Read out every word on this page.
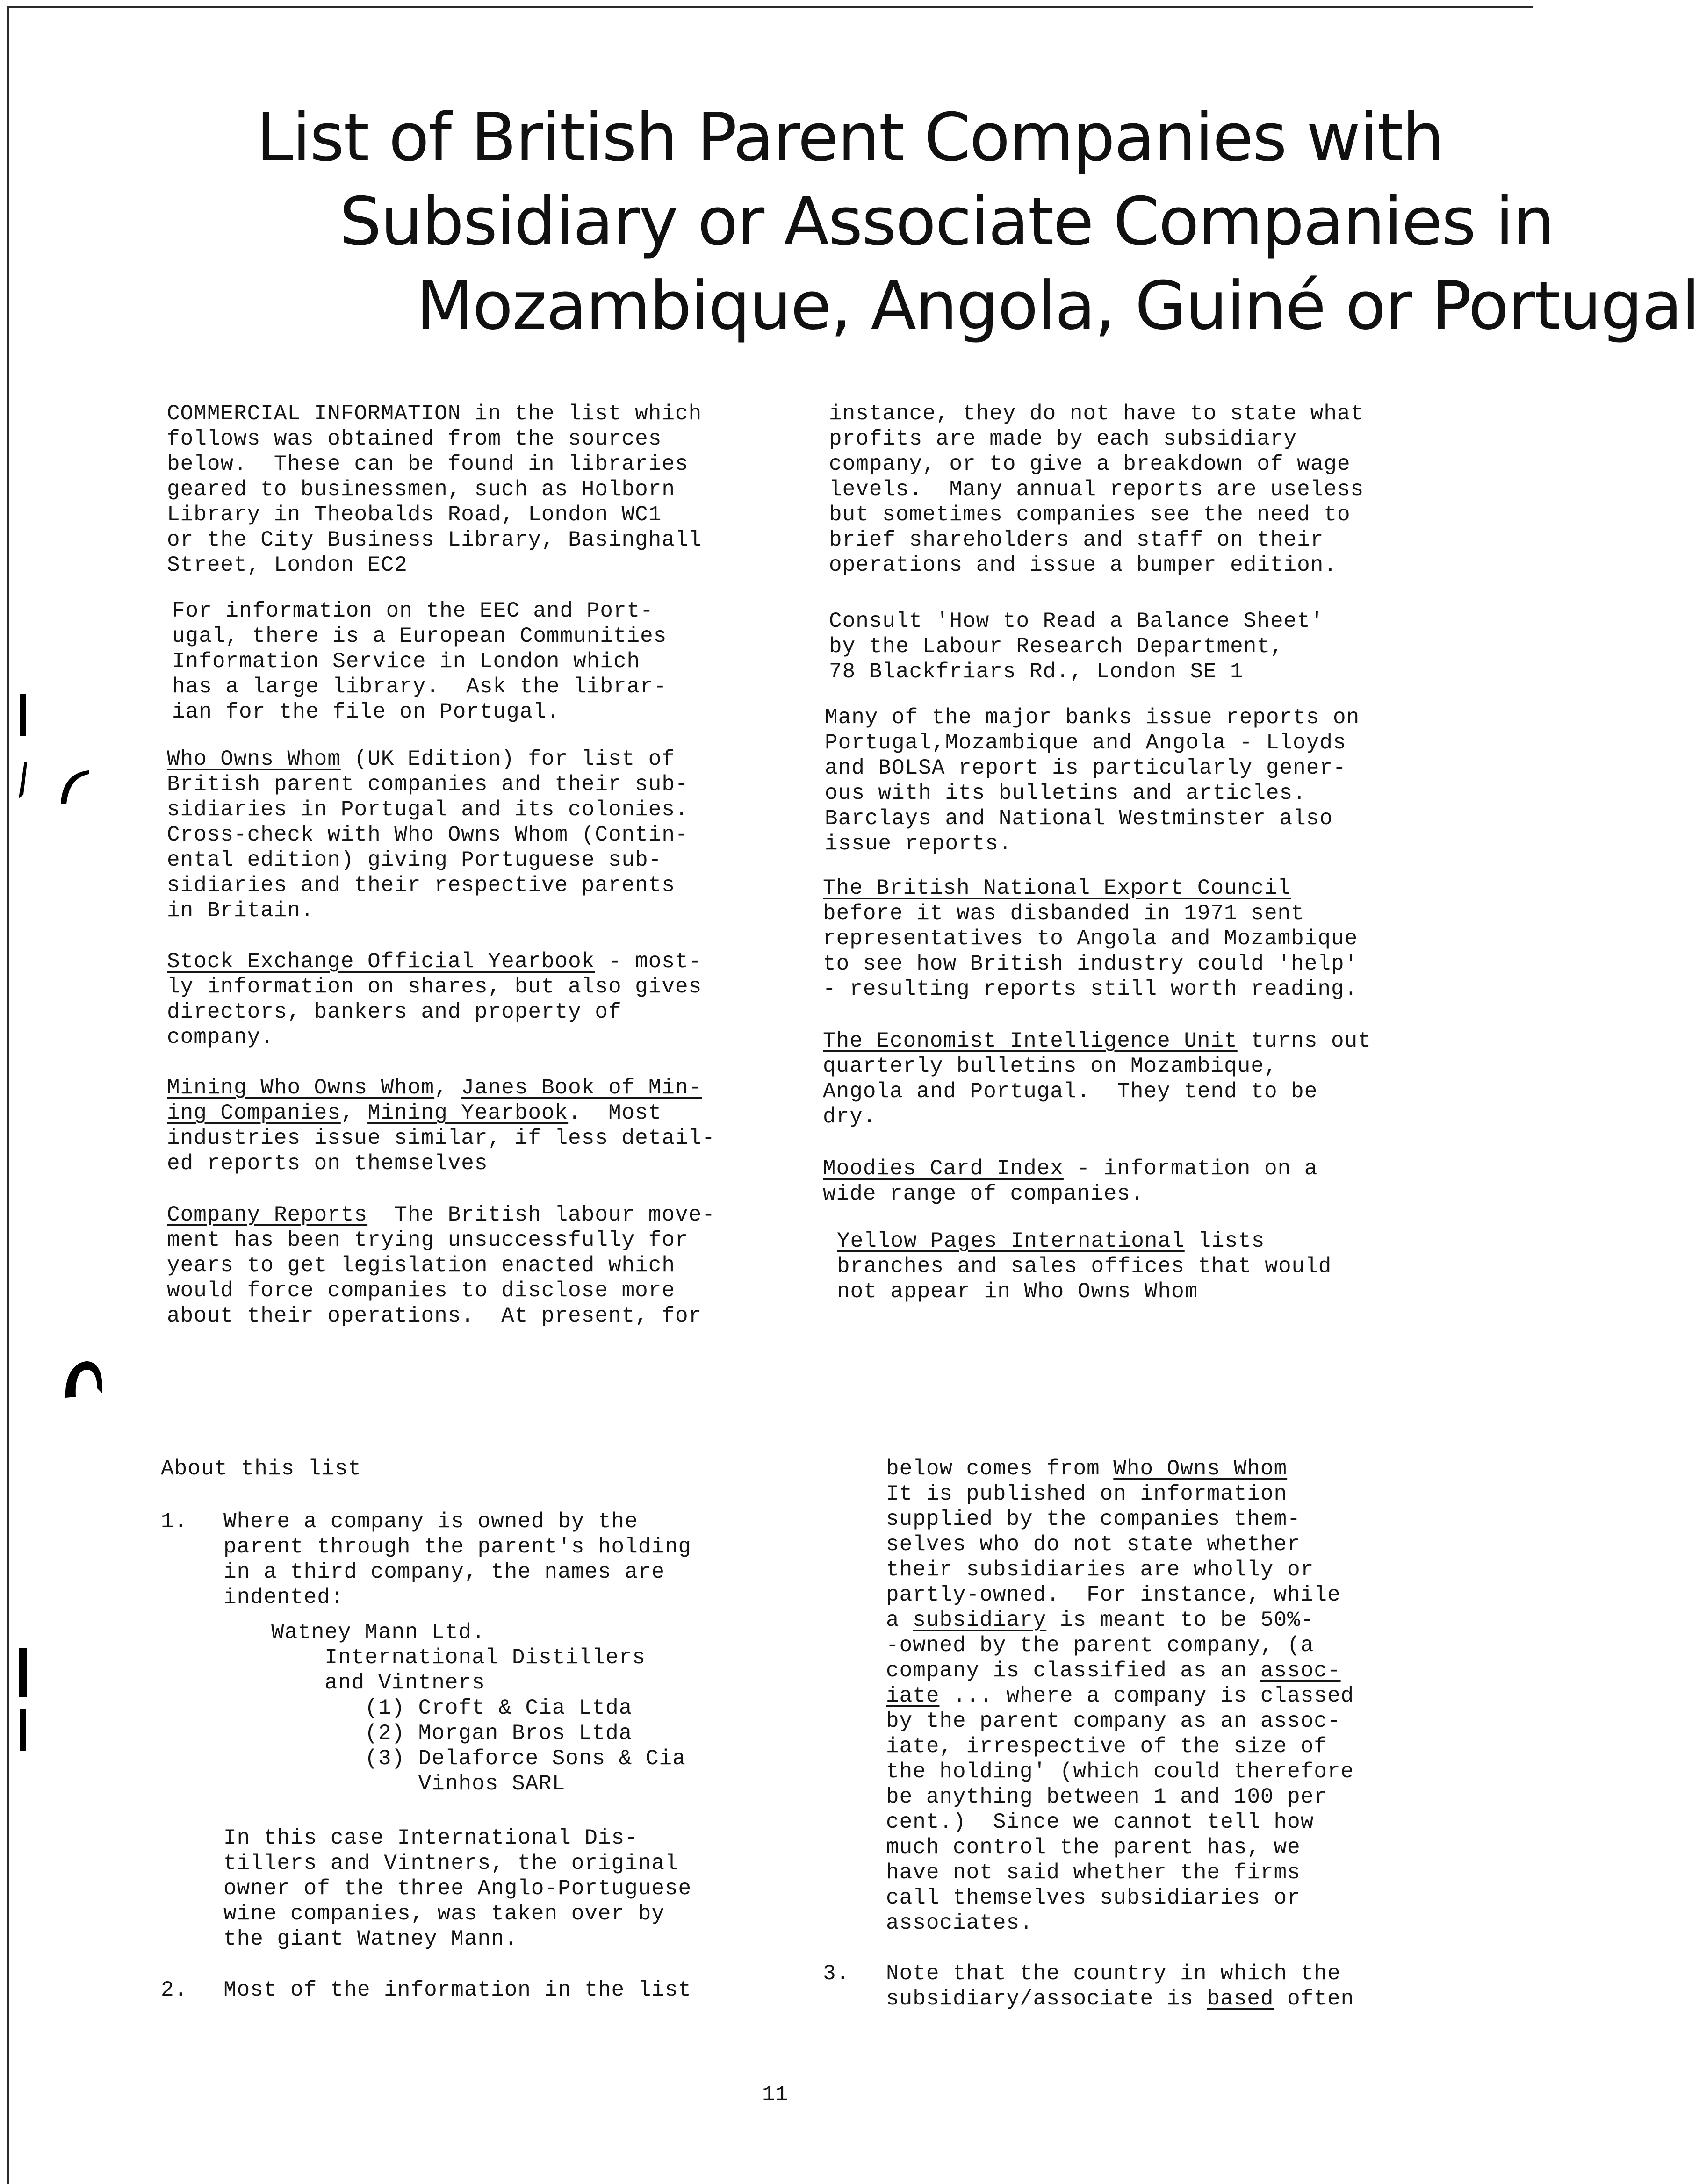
List of British Parent Companies with
Subsidiary or Associate Companies in
Mozambique, Angola, Guiné or Portugal

COMMERCIAL INFORMATION in the list which
follows was obtained from the sources
below.  These can be found in libraries
geared to businessmen, such as Holborn
Library in Theobalds Road, London WC1
or the City Business Library, Basinghall
Street, London EC2

For information on the EEC and Port-
ugal, there is a European Communities
Information Service in London which
has a large library.  Ask the librar-
ian for the file on Portugal.

Who Owns Whom (UK Edition) for list of
British parent companies and their sub-
sidiaries in Portugal and its colonies.
Cross-check with Who Owns Whom (Contin-
ental edition) giving Portuguese sub-
sidiaries and their respective parents
in Britain.

Stock Exchange Official Yearbook - most-
ly information on shares, but also gives
directors, bankers and property of
company.

Mining Who Owns Whom, Janes Book of Min-
ing Companies, Mining Yearbook.  Most
industries issue similar, if less detail-
ed reports on themselves

Company Reports  The British labour move-
ment has been trying unsuccessfully for
years to get legislation enacted which
would force companies to disclose more
about their operations.  At present, for

instance, they do not have to state what
profits are made by each subsidiary
company, or to give a breakdown of wage
levels.  Many annual reports are useless
but sometimes companies see the need to
brief shareholders and staff on their
operations and issue a bumper edition.

Consult 'How to Read a Balance Sheet'
by the Labour Research Department,
78 Blackfriars Rd., London SE 1

Many of the major banks issue reports on
Portugal,Mozambique and Angola - Lloyds
and BOLSA report is particularly gener-
ous with its bulletins and articles.
Barclays and National Westminster also
issue reports.

The British National Export Council
before it was disbanded in 1971 sent
representatives to Angola and Mozambique
to see how British industry could 'help'
- resulting reports still worth reading.

The Economist Intelligence Unit turns out
quarterly bulletins on Mozambique,
Angola and Portugal.  They tend to be
dry.

Moodies Card Index - information on a
wide range of companies.

Yellow Pages International lists
branches and sales offices that would
not appear in Who Owns Whom

About this list

1. Where a company is owned by the
parent through the parent's holding
in a third company, the names are
indented:

Watney Mann Ltd.
International Distillers
and Vintners
(1) Croft & Cia Ltda
(2) Morgan Bros Ltda
(3) Delaforce Sons & Cia
Vinhos SARL

In this case International Dis-
tillers and Vintners, the original
owner of the three Anglo-Portuguese
wine companies, was taken over by
the giant Watney Mann.

2. Most of the information in the list

below comes from Who Owns Whom
It is published on information
supplied by the companies them-
selves who do not state whether
their subsidiaries are wholly or
partly-owned.  For instance, while
a subsidiary is meant to be 50%-
-owned by the parent company, (a
company is classified as an assoc-
iate ... where a company is classed
by the parent company as an assoc-
iate, irrespective of the size of
the holding' (which could therefore
be anything between 1 and 100 per
cent.)  Since we cannot tell how
much control the parent has, we
have not said whether the firms
call themselves subsidiaries or
associates.

3. Note that the country in which the
subsidiary/associate is based often

11
